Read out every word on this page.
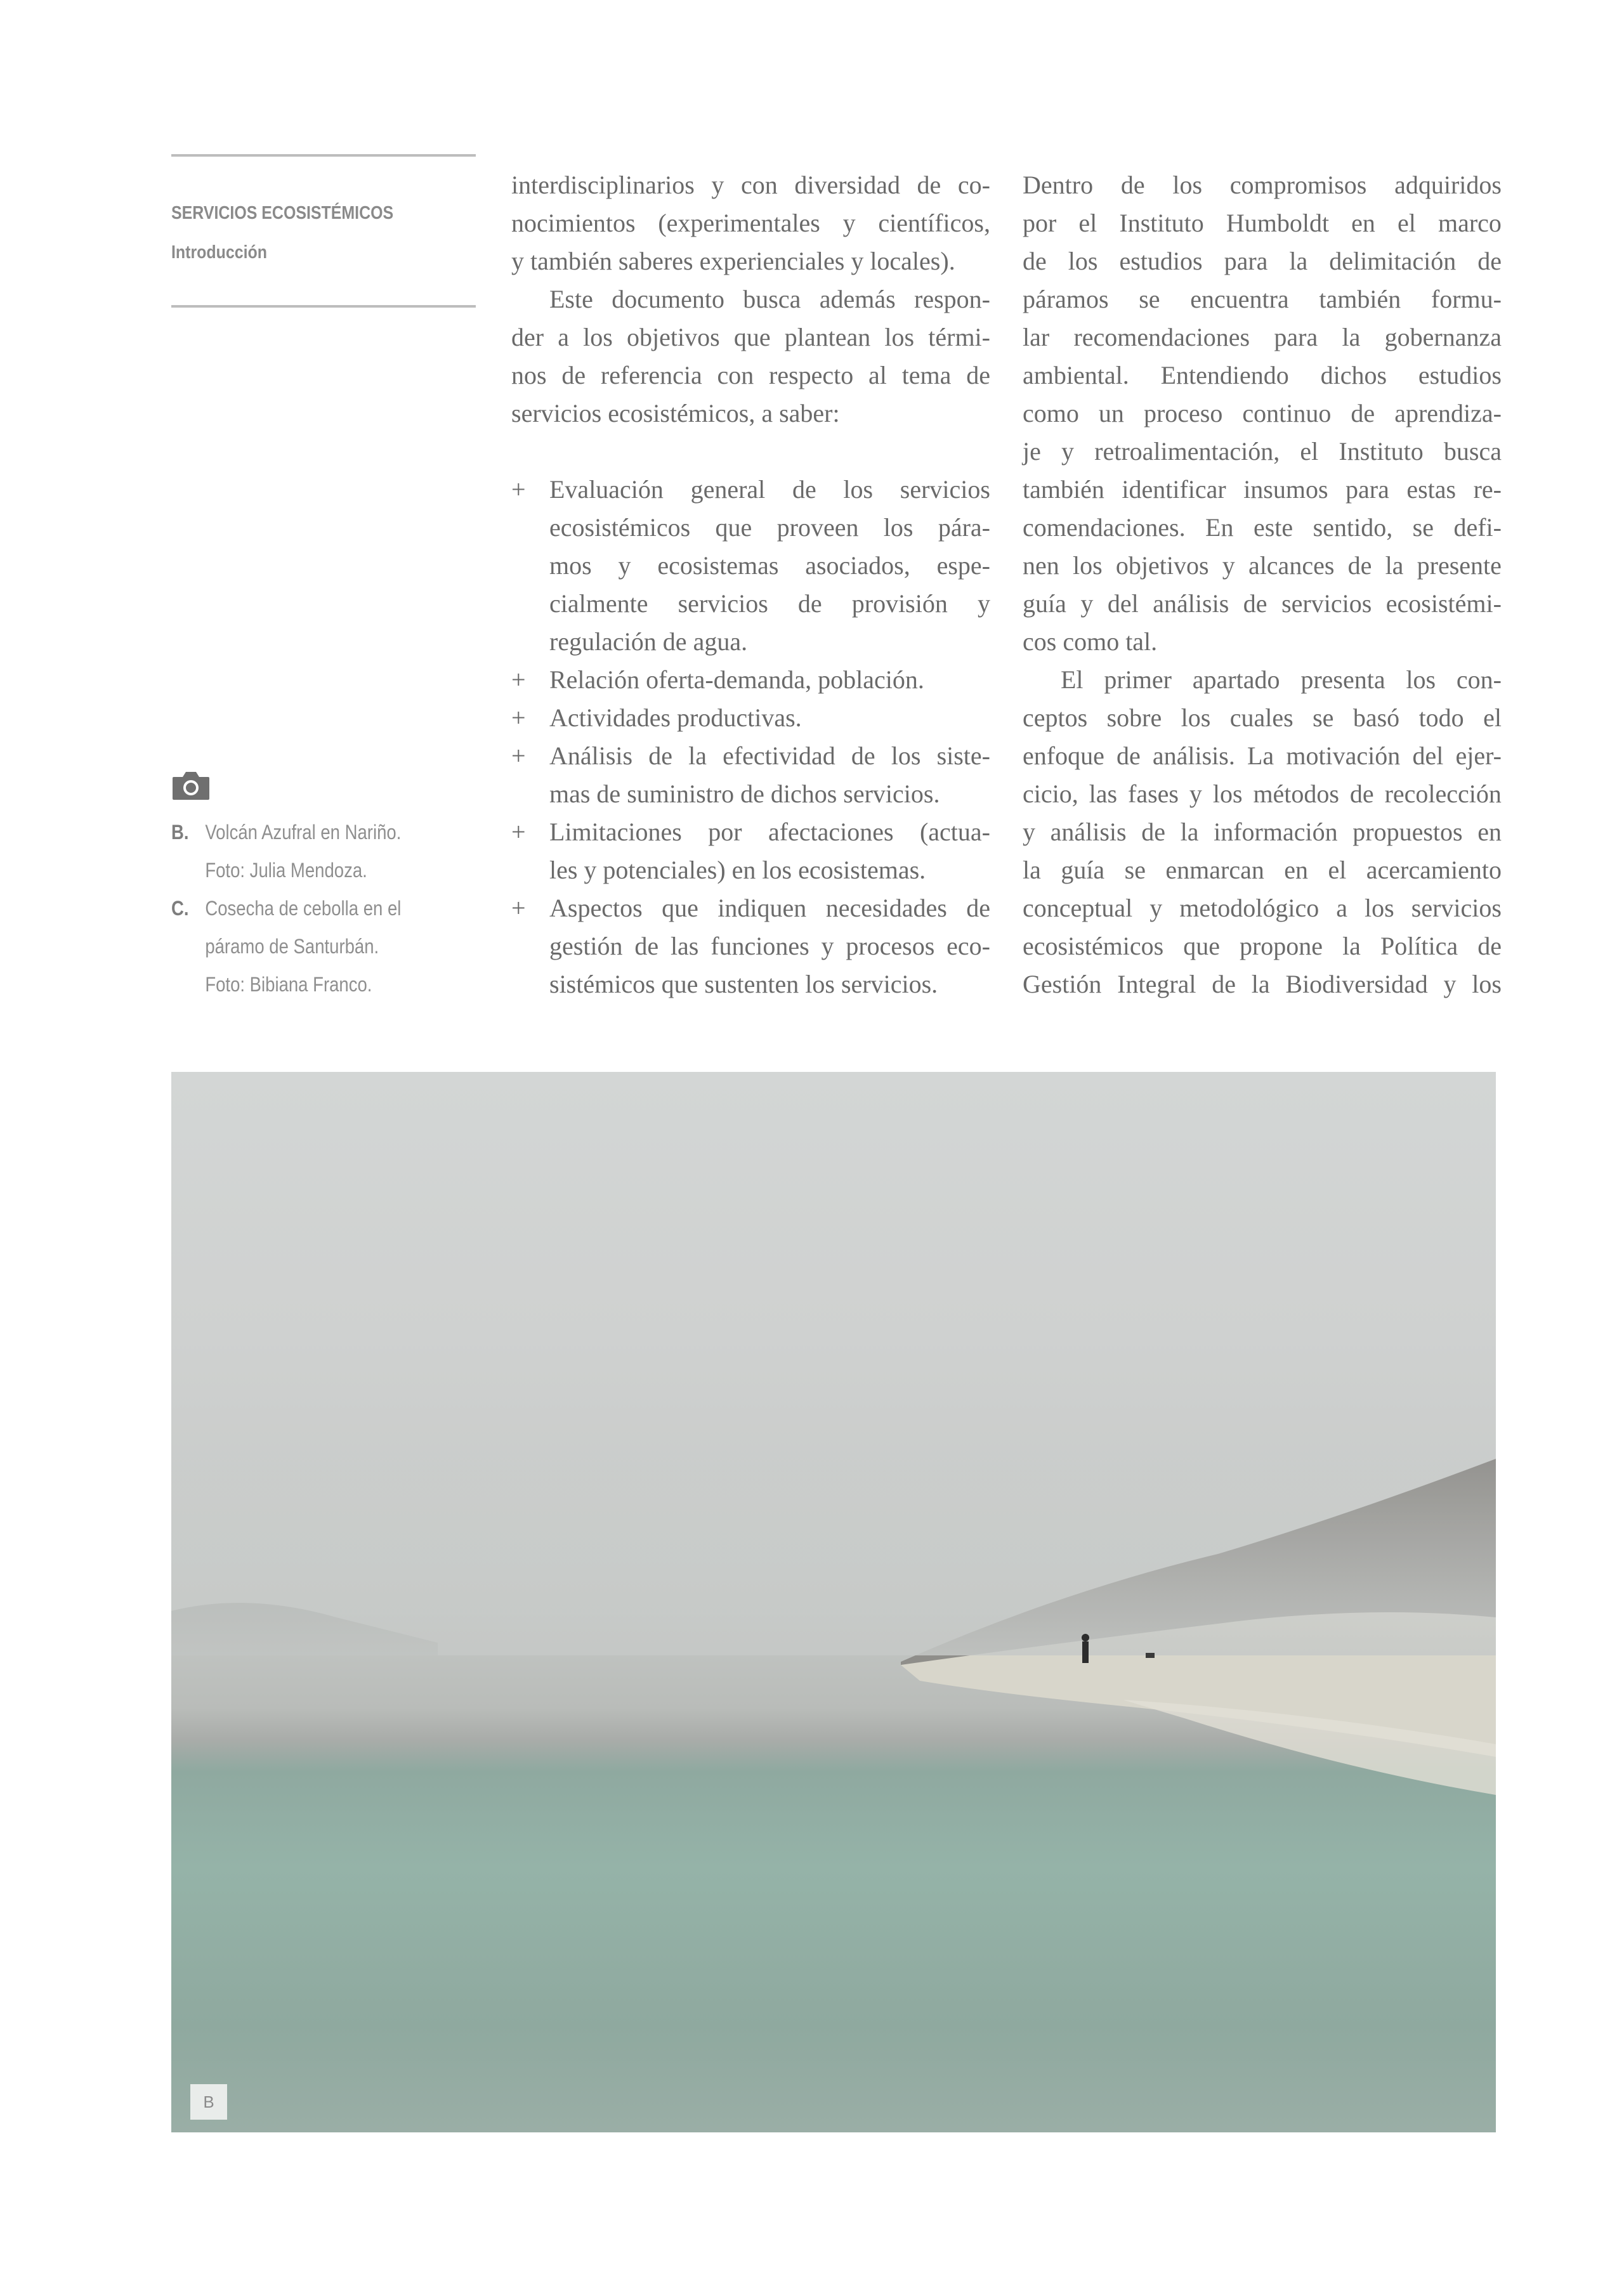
SERVICIOS ECOSISTÉMICOS
Introducción
B. Volcán Azufral en Nariño.
Foto: Julia Mendoza.
C. Cosecha de cebolla en el
páramo de Santurbán.
Foto: Bibiana Franco.
interdisciplinarios y con diversidad de co-
nocimientos (experimentales y científicos,
y también saberes experienciales y locales).
Este documento busca además respon-
der a los objetivos que plantean los térmi-
nos de referencia con respecto al tema de
servicios ecosistémicos, a saber:
+ Evaluación general de los servicios
ecosistémicos que proveen los pára-
mos y ecosistemas asociados, espe-
cialmente servicios de provisión y
regulación de agua.
+ Relación oferta-demanda, población.
+ Actividades productivas.
+ Análisis de la efectividad de los siste-
mas de suministro de dichos servicios.
+ Limitaciones por afectaciones (actua-
les y potenciales) en los ecosistemas.
+ Aspectos que indiquen necesidades de
gestión de las funciones y procesos eco-
sistémicos que sustenten los servicios.
Dentro de los compromisos adquiridos
por el Instituto Humboldt en el marco
de los estudios para la delimitación de
páramos se encuentra también formu-
lar recomendaciones para la gobernanza
ambiental. Entendiendo dichos estudios
como un proceso continuo de aprendiza-
je y retroalimentación, el Instituto busca
también identificar insumos para estas re-
comendaciones. En este sentido, se defi-
nen los objetivos y alcances de la presente
guía y del análisis de servicios ecosistémi-
cos como tal.
El primer apartado presenta los con-
ceptos sobre los cuales se basó todo el
enfoque de análisis. La motivación del ejer-
cicio, las fases y los métodos de recolección
y análisis de la información propuestos en
la guía se enmarcan en el acercamiento
conceptual y metodológico a los servicios
ecosistémicos que propone la Política de
Gestión Integral de la Biodiversidad y los
B
